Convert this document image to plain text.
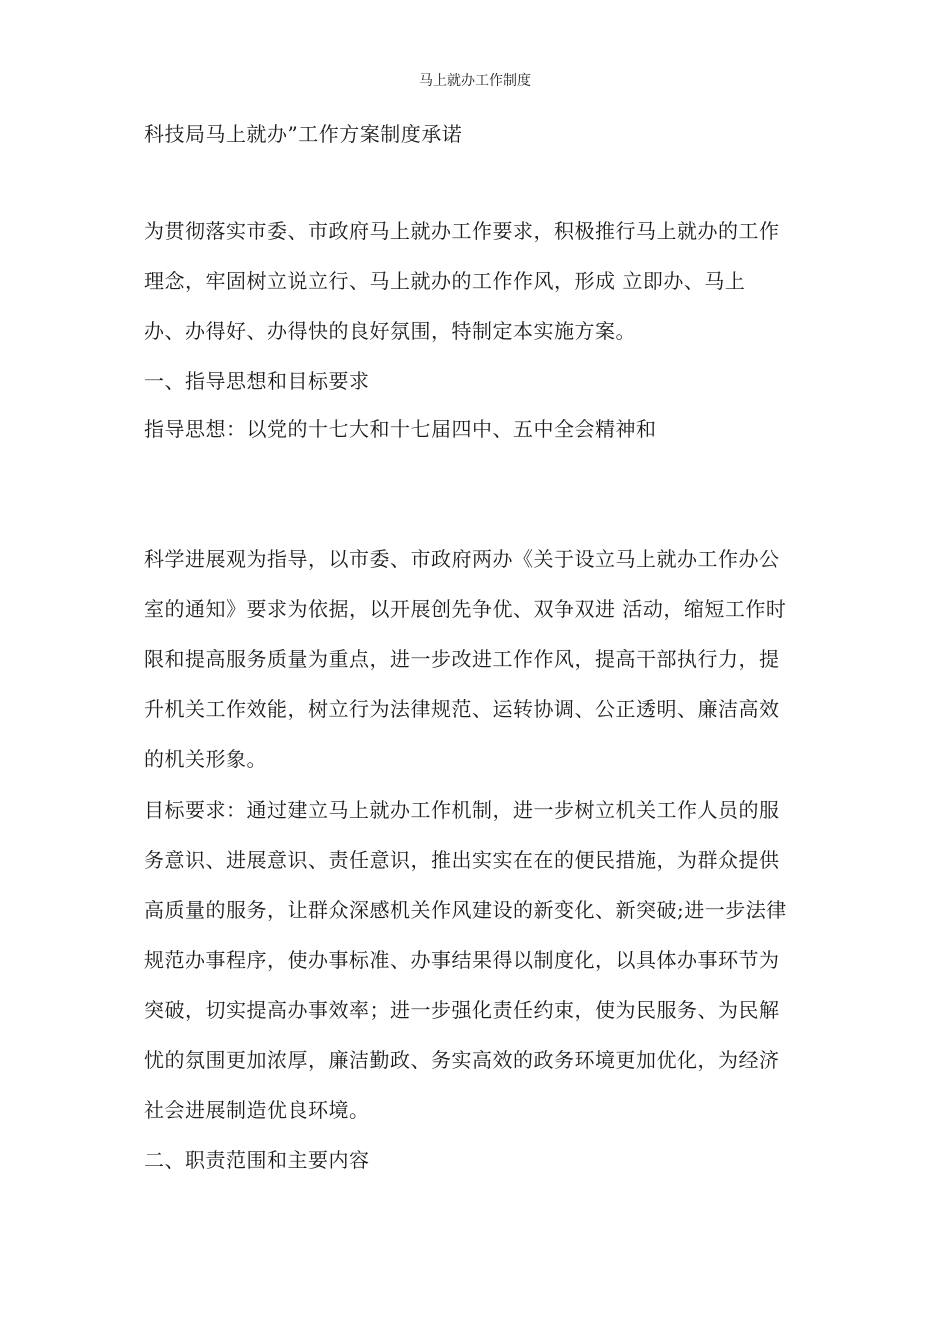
马上就办工作制度
科技局马上就办”工作方案制度承诺
为贯彻落实市委、市政府马上就办工作要求，积极推行马上就办的工作
理念，牢固树立说立行、马上就办的工作作风，形成 立即办、马上
办、办得好、办得快的良好氛围，特制定本实施方案。
一、指导思想和目标要求
指导思想：以党的十七大和十七届四中、五中全会精神和
科学进展观为指导，以市委、市政府两办《关于设立马上就办工作办公
室的通知》要求为依据，以开展创先争优、双争双进 活动，缩短工作时
限和提高服务质量为重点，进一步改进工作作风，提高干部执行力，提
升机关工作效能，树立行为法律规范、运转协调、公正透明、廉洁高效
的机关形象。
目标要求：通过建立马上就办工作机制，进一步树立机关工作人员的服
务意识、进展意识、责任意识，推出实实在在的便民措施，为群众提供
高质量的服务，让群众深感机关作风建设的新变化、新突破;进一步法律
规范办事程序，使办事标准、办事结果得以制度化，以具体办事环节为
突破，切实提高办事效率；进一步强化责任约束，使为民服务、为民解
忧的氛围更加浓厚，廉洁勤政、务实高效的政务环境更加优化，为经济
社会进展制造优良环境。
二、职责范围和主要内容
